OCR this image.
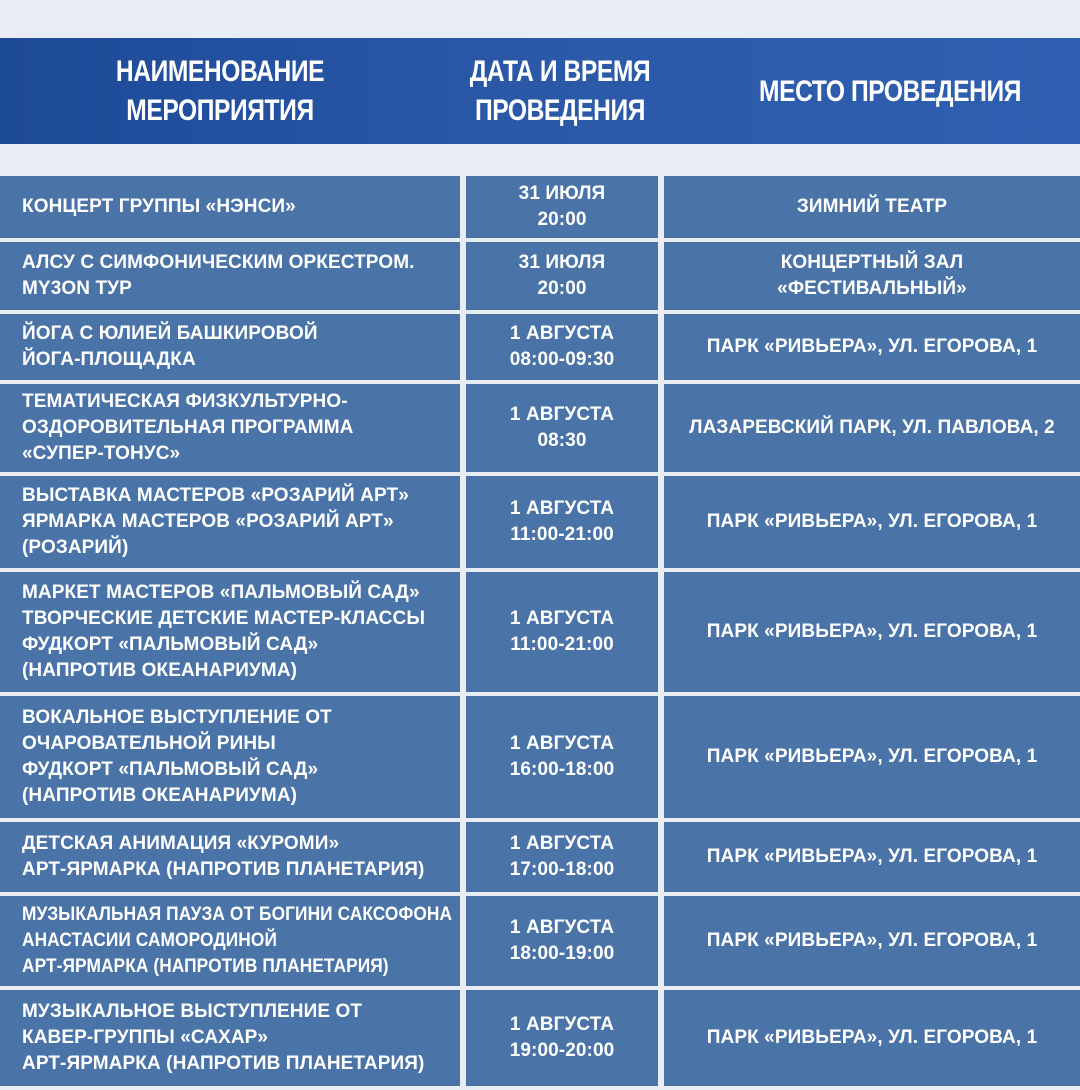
НАИМЕНОВАНИЕ
МЕРОПРИЯТИЯ
ДАТА И ВРЕМЯ
ПРОВЕДЕНИЯ
МЕСТО ПРОВЕДЕНИЯ
КОНЦЕРТ ГРУППЫ «НЭНСИ»
31 ИЮЛЯ
20:00
ЗИМНИЙ ТЕАТР
АЛСУ С СИМФОНИЧЕСКИМ ОРКЕСТРОМ.
MY3ON ТУР
31 ИЮЛЯ
20:00
КОНЦЕРТНЫЙ ЗАЛ
«ФЕСТИВАЛЬНЫЙ»
ЙОГА С ЮЛИЕЙ БАШКИРОВОЙ
ЙОГА-ПЛОЩАДКА
1 АВГУСТА
08:00-09:30
ПАРК «РИВЬЕРА», УЛ. ЕГОРОВА, 1
ТЕМАТИЧЕСКАЯ ФИЗКУЛЬТУРНО-
ОЗДОРОВИТЕЛЬНАЯ ПРОГРАММА
«СУПЕР-ТОНУС»
1 АВГУСТА
08:30
ЛАЗАРЕВСКИЙ ПАРК, УЛ. ПАВЛОВА, 2
ВЫСТАВКА МАСТЕРОВ «РОЗАРИЙ АРТ»
ЯРМАРКА МАСТЕРОВ «РОЗАРИЙ АРТ»
(РОЗАРИЙ)
1 АВГУСТА
11:00-21:00
ПАРК «РИВЬЕРА», УЛ. ЕГОРОВА, 1
МАРКЕТ МАСТЕРОВ «ПАЛЬМОВЫЙ САД»
ТВОРЧЕСКИЕ ДЕТСКИЕ МАСТЕР-КЛАССЫ
ФУДКОРТ «ПАЛЬМОВЫЙ САД»
(НАПРОТИВ ОКЕАНАРИУМА)
1 АВГУСТА
11:00-21:00
ПАРК «РИВЬЕРА», УЛ. ЕГОРОВА, 1
ВОКАЛЬНОЕ ВЫСТУПЛЕНИЕ ОТ
ОЧАРОВАТЕЛЬНОЙ РИНЫ
ФУДКОРТ «ПАЛЬМОВЫЙ САД»
(НАПРОТИВ ОКЕАНАРИУМА)
1 АВГУСТА
16:00-18:00
ПАРК «РИВЬЕРА», УЛ. ЕГОРОВА, 1
ДЕТСКАЯ АНИМАЦИЯ «КУРОМИ»
АРТ-ЯРМАРКА (НАПРОТИВ ПЛАНЕТАРИЯ)
1 АВГУСТА
17:00-18:00
ПАРК «РИВЬЕРА», УЛ. ЕГОРОВА, 1
МУЗЫКАЛЬНАЯ ПАУЗА ОТ БОГИНИ САКСОФОНА
АНАСТАСИИ САМОРОДИНОЙ
АРТ-ЯРМАРКА (НАПРОТИВ ПЛАНЕТАРИЯ)
1 АВГУСТА
18:00-19:00
ПАРК «РИВЬЕРА», УЛ. ЕГОРОВА, 1
МУЗЫКАЛЬНОЕ ВЫСТУПЛЕНИЕ ОТ
КАВЕР-ГРУППЫ «САХАР»
АРТ-ЯРМАРКА (НАПРОТИВ ПЛАНЕТАРИЯ)
1 АВГУСТА
19:00-20:00
ПАРК «РИВЬЕРА», УЛ. ЕГОРОВА, 1
